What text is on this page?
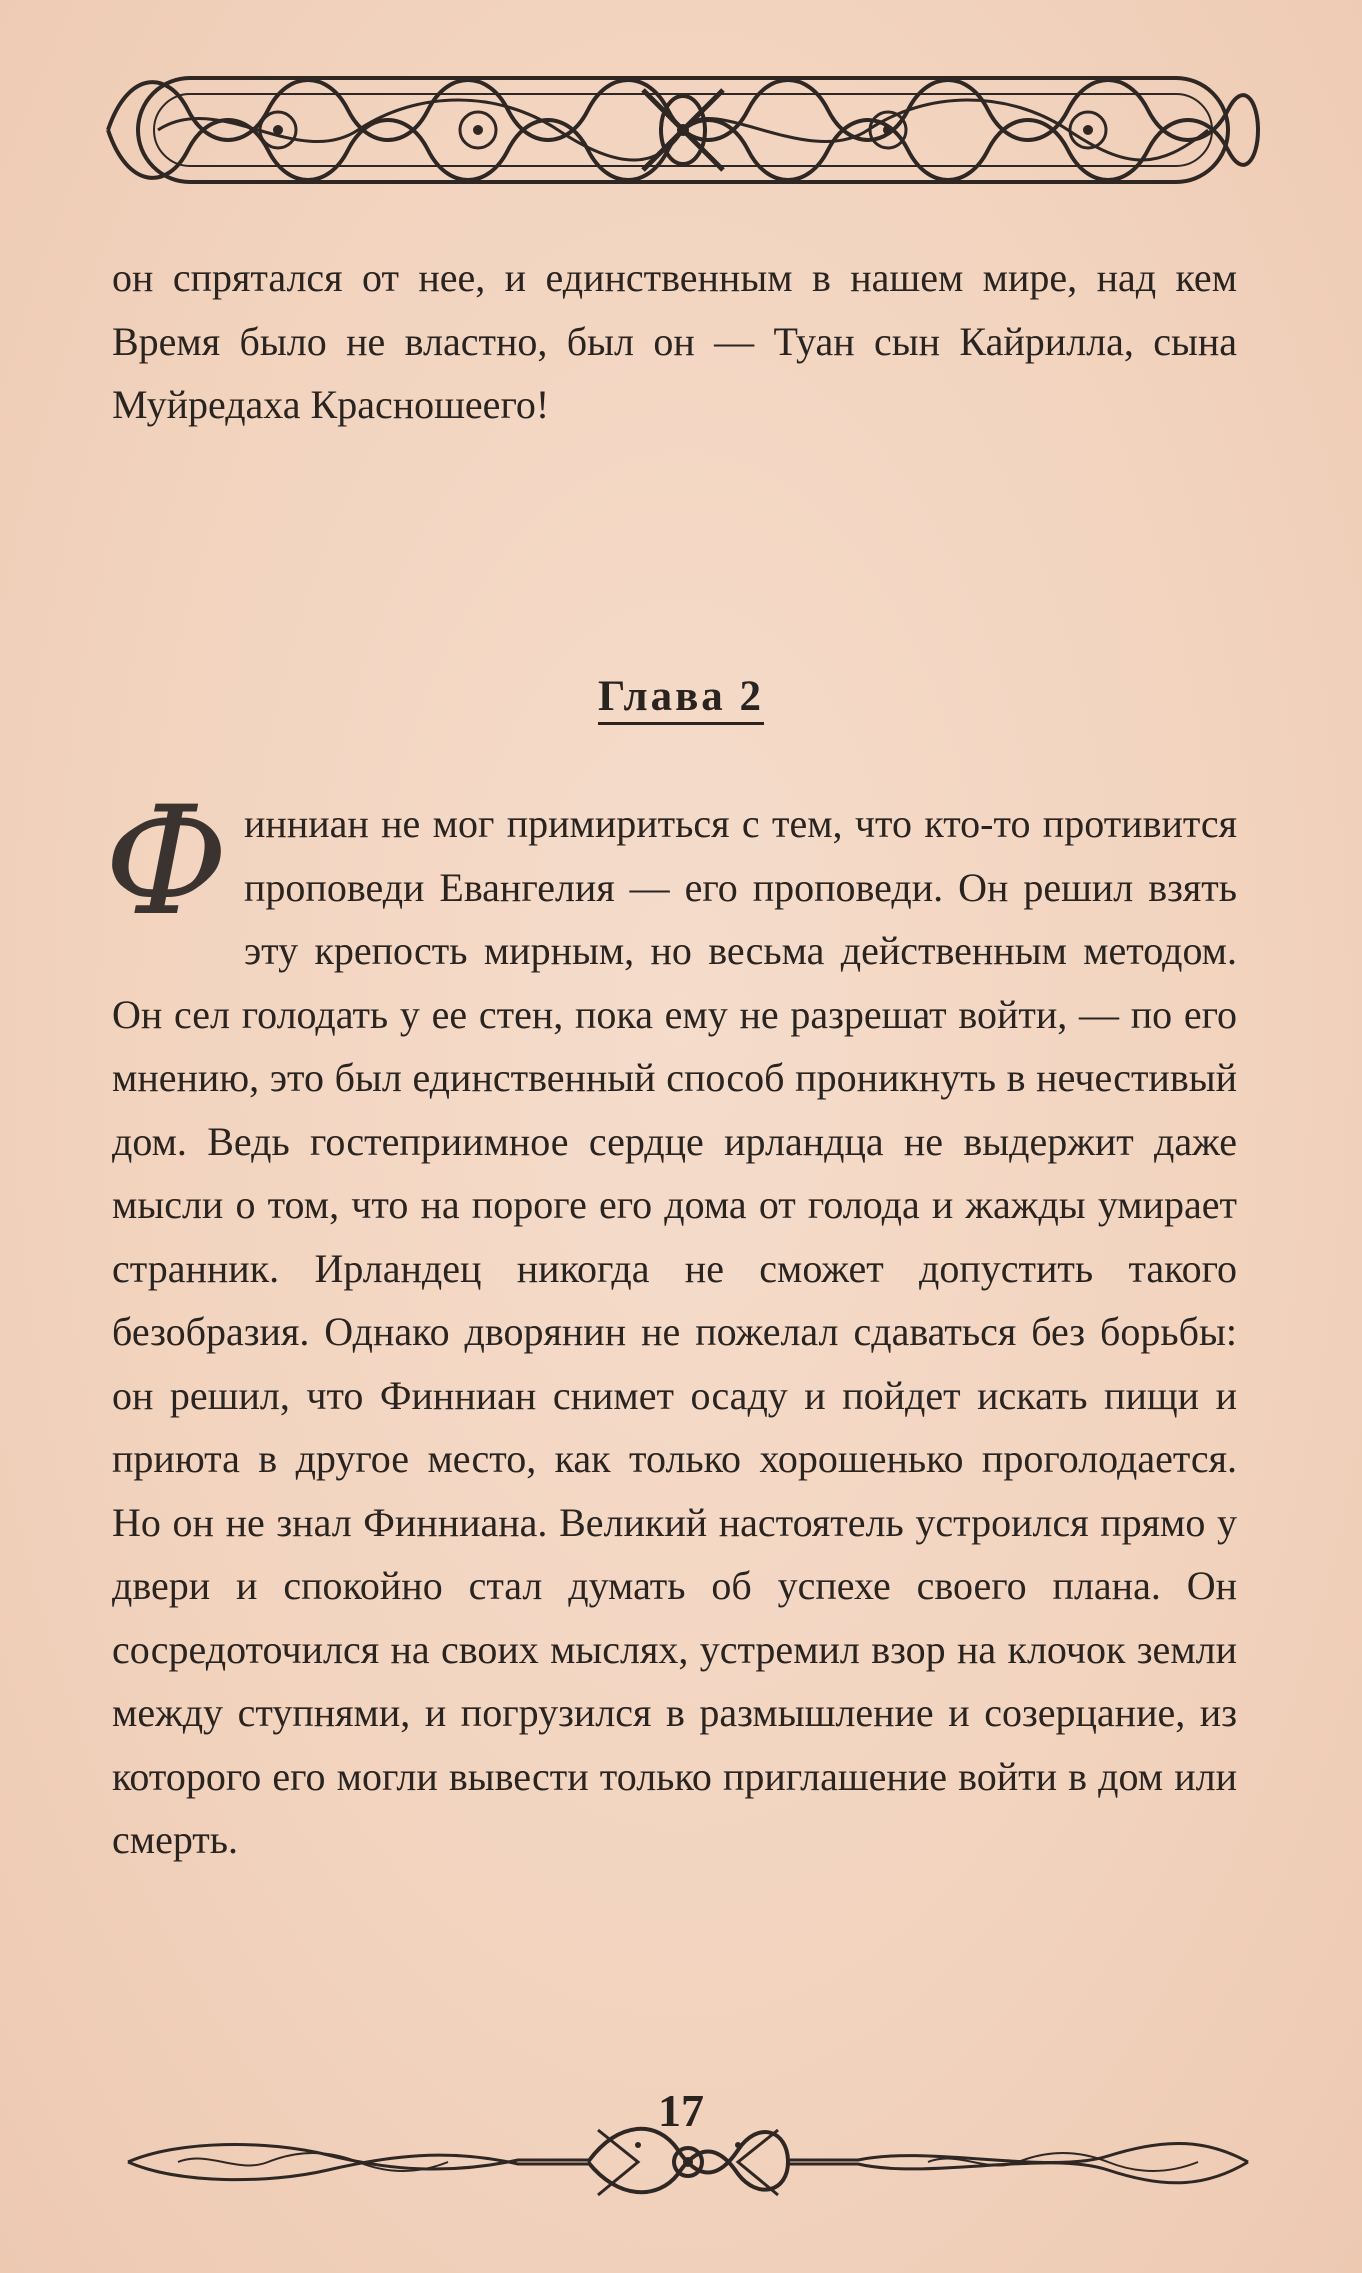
он спрятался от нее, и единственным в нашем мире, над кем Время было не властно, был он — Туан сын Кайрилла, сына Муйредаха Красношеего!

Глава 2
Ф инниан не мог примириться с тем, что кто-то противится проповеди Евангелия — его проповеди. Он решил взять эту крепость мирным, но весьма действенным методом. Он сел голодать у ее стен, пока ему не разрешат войти, — по его мнению, это был единственный способ проникнуть в нечестивый дом. Ведь гостеприимное сердце ирландца не выдержит даже мысли о том, что на пороге его дома от голода и жажды умирает странник. Ирландец никогда не сможет допустить такого безобразия. Однако дворянин не пожелал сдаваться без борьбы: он решил, что Финниан снимет осаду и пойдет искать пищи и приюта в другое место, как только хорошенько проголодается. Но он не знал Финниана. Великий настоятель устроился прямо у двери и спокойно стал думать об успехе своего плана. Он сосредоточился на своих мыслях, устремил взор на клочок земли между ступнями, и погрузился в размышление и созерцание, из которого его могли вывести только приглашение войти в дом или смерть.

17
